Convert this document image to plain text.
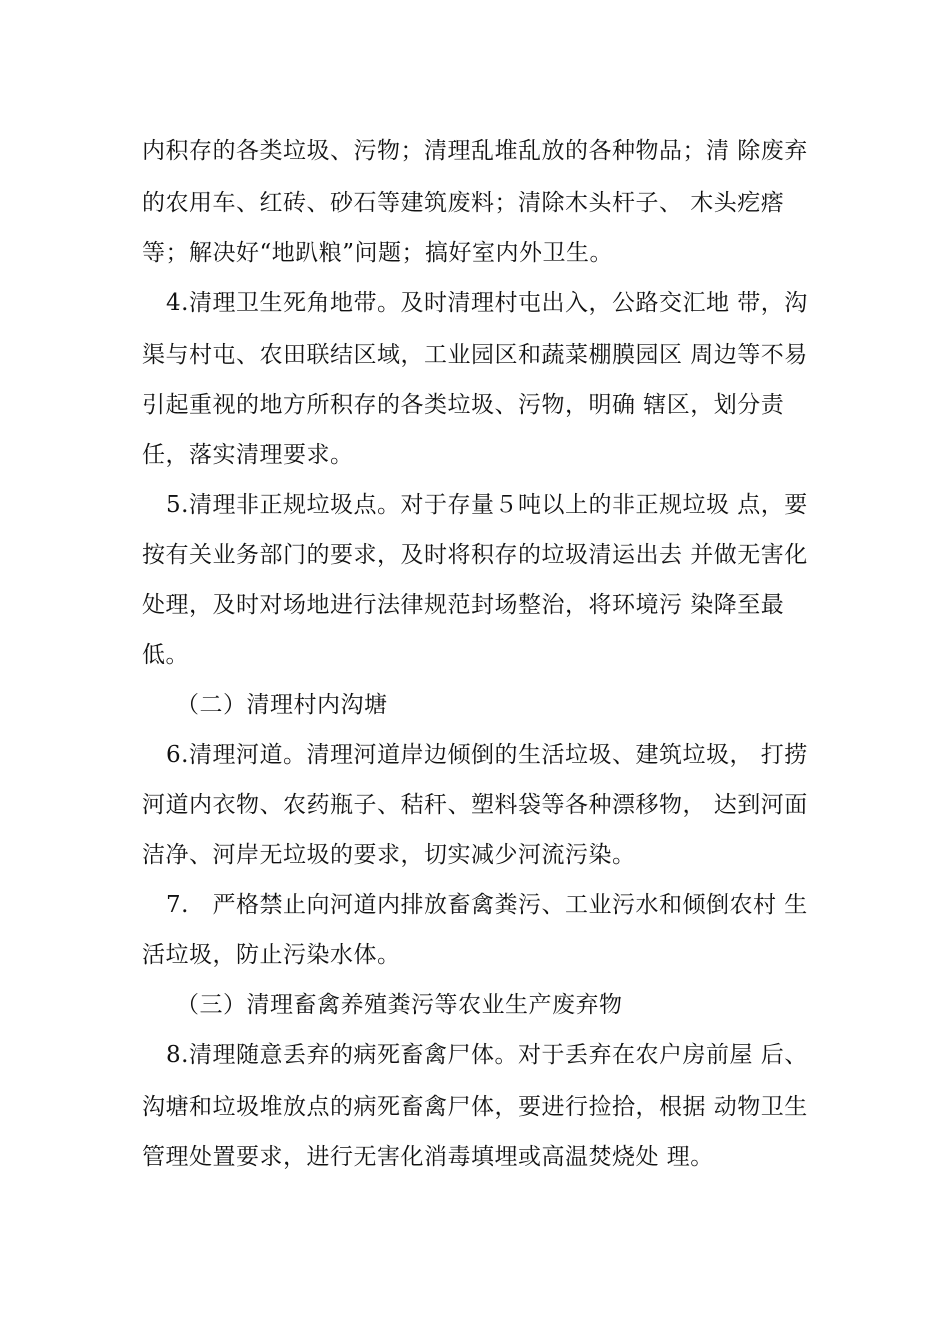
内积存的各类垃圾、污物；清理乱堆乱放的各种物品；清 除废弃
的农用车、红砖、砂石等建筑废料；清除木头杆子、 木头疙瘩
等；解决好“地趴粮”问题；搞好室内外卫生。
4.清理卫生死角地带。及时清理村屯出入，公路交汇地 带，沟
渠与村屯、农田联结区域，工业园区和蔬菜棚膜园区 周边等不易
引起重视的地方所积存的各类垃圾、污物，明确 辖区，划分责
任，落实清理要求。
5.清理非正规垃圾点。对于存量５吨以上的非正规垃圾 点，要
按有关业务部门的要求，及时将积存的垃圾清运出去 并做无害化
处理，及时对场地进行法律规范封场整治，将环境污 染降至最
低。
（二）清理村内沟塘
6.清理河道。清理河道岸边倾倒的生活垃圾、建筑垃圾， 打捞
河道内衣物、农药瓶子、秸秆、塑料袋等各种漂移物， 达到河面
洁净、河岸无垃圾的要求，切实减少河流污染。
7.　严格禁止向河道内排放畜禽粪污、工业污水和倾倒农村 生
活垃圾，防止污染水体。
（三）清理畜禽养殖粪污等农业生产废弃物
8.清理随意丢弃的病死畜禽尸体。对于丢弃在农户房前屋 后、
沟塘和垃圾堆放点的病死畜禽尸体，要进行捡拾，根据 动物卫生
管理处置要求，进行无害化消毒填埋或高温焚烧处 理。
